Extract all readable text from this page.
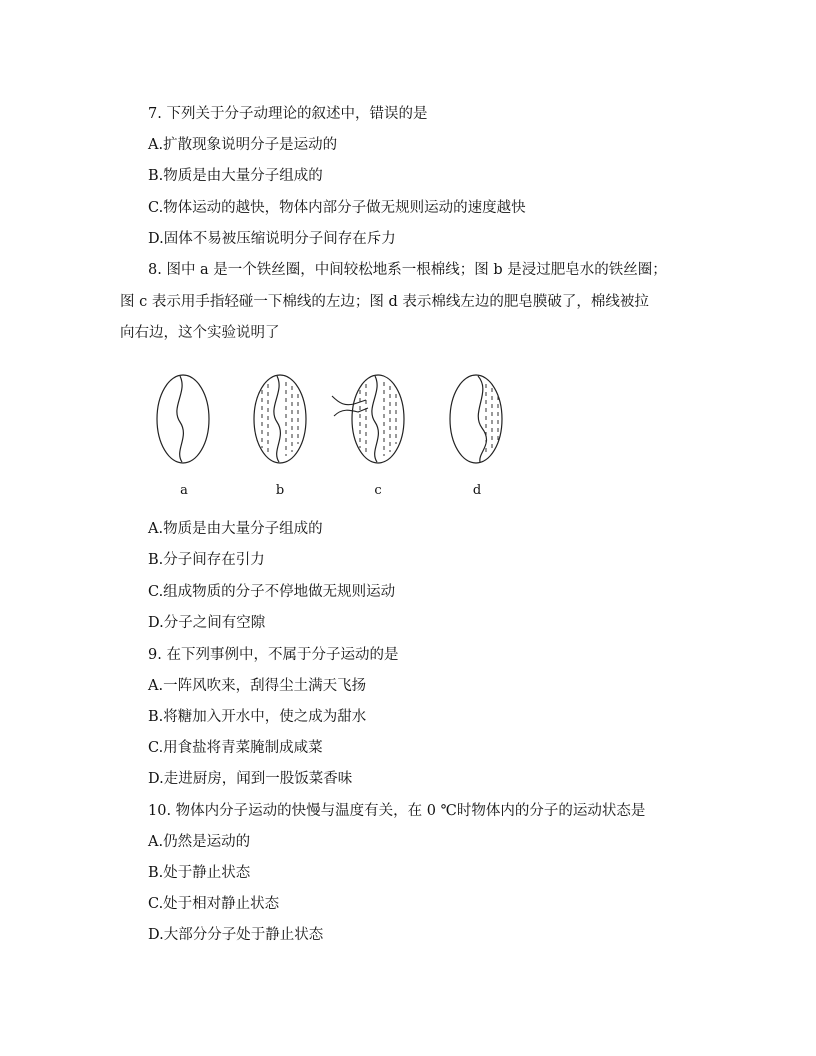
7. 下列关于分子动理论的叙述中，错误的是
A.扩散现象说明分子是运动的
B.物质是由大量分子组成的
C.物体运动的越快，物体内部分子做无规则运动的速度越快
D.固体不易被压缩说明分子间存在斥力
8. 图中 a 是一个铁丝圈，中间较松地系一根棉线；图 b 是浸过肥皂水的铁丝圈；
图 c 表示用手指轻碰一下棉线的左边；图 d 表示棉线左边的肥皂膜破了，棉线被拉
向右边，这个实验说明了
a	b	c	d
A.物质是由大量分子组成的
B.分子间存在引力
C.组成物质的分子不停地做无规则运动
D.分子之间有空隙
9. 在下列事例中，不属于分子运动的是
A.一阵风吹来，刮得尘土满天飞扬
B.将糖加入开水中，使之成为甜水
C.用食盐将青菜腌制成咸菜
D.走进厨房，闻到一股饭菜香味
10. 物体内分子运动的快慢与温度有关，在 0 ℃时物体内的分子的运动状态是
A.仍然是运动的
B.处于静止状态
C.处于相对静止状态
D.大部分分子处于静止状态
